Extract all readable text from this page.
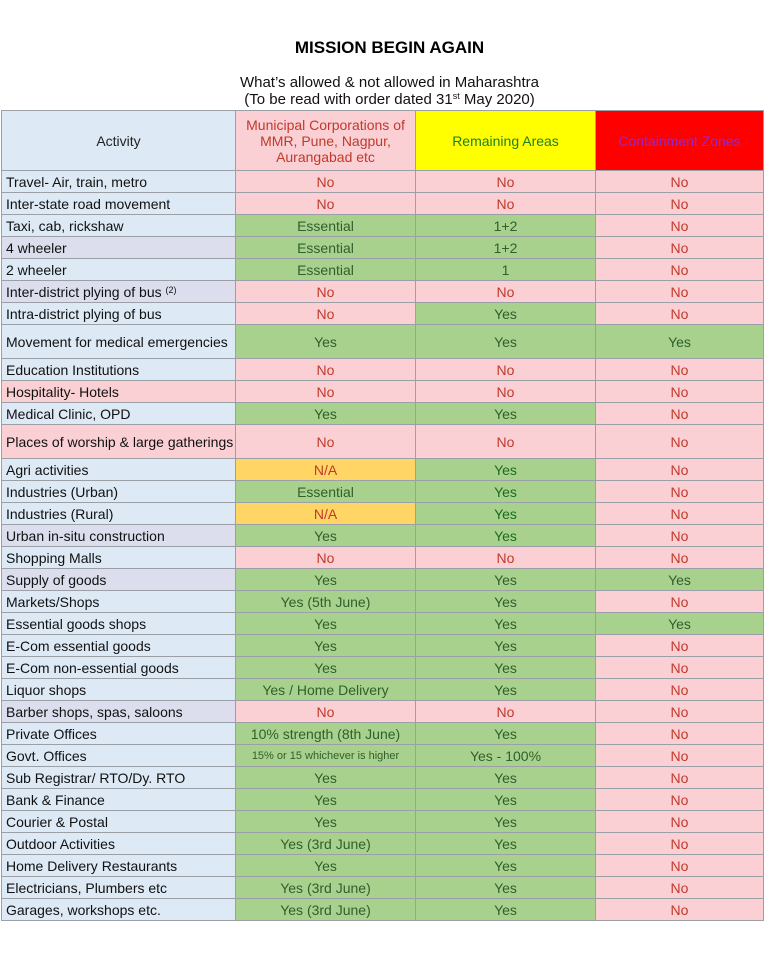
MISSION BEGIN AGAIN
What’s allowed & not allowed in Maharashtra
(To be read with order dated 31st May 2020)
Activity	Municipal Corporations of MMR, Pune, Nagpur, Aurangabad etc	Remaining Areas	Containment Zones
Travel- Air, train, metro	No	No	No
Inter-state road movement	No	No	No
Taxi, cab, rickshaw	Essential	1+2	No
4 wheeler	Essential	1+2	No
2 wheeler	Essential	1	No
Inter-district plying of bus $^{(2)}$	No	No	No
Intra-district plying of bus	No	Yes	No
Movement for medical emergencies	Yes	Yes	Yes
Education Institutions	No	No	No
Hospitality- Hotels	No	No	No
Medical Clinic, OPD	Yes	Yes	No
Places of worship & large gatherings	No	No	No
Agri activities	N/A	Yes	No
Industries (Urban)	Essential	Yes	No
Industries (Rural)	N/A	Yes	No
Urban in-situ construction	Yes	Yes	No
Shopping Malls	No	No	No
Supply of goods	Yes	Yes	Yes
Markets/Shops	Yes (5th June)	Yes	No
Essential goods shops	Yes	Yes	Yes
E-Com essential goods	Yes	Yes	No
E-Com non-essential goods	Yes	Yes	No
Liquor shops	Yes / Home Delivery	Yes	No
Barber shops, spas, saloons	No	No	No
Private Offices	10% strength (8th June)	Yes	No
Govt. Offices	15% or 15 whichever is higher	Yes - 100%	No
Sub Registrar/ RTO/Dy. RTO	Yes	Yes	No
Bank & Finance	Yes	Yes	No
Courier & Postal	Yes	Yes	No
Outdoor Activities	Yes (3rd June)	Yes	No
Home Delivery Restaurants	Yes	Yes	No
Electricians, Plumbers etc	Yes (3rd June)	Yes	No
Garages, workshops etc.	Yes (3rd June)	Yes	No
